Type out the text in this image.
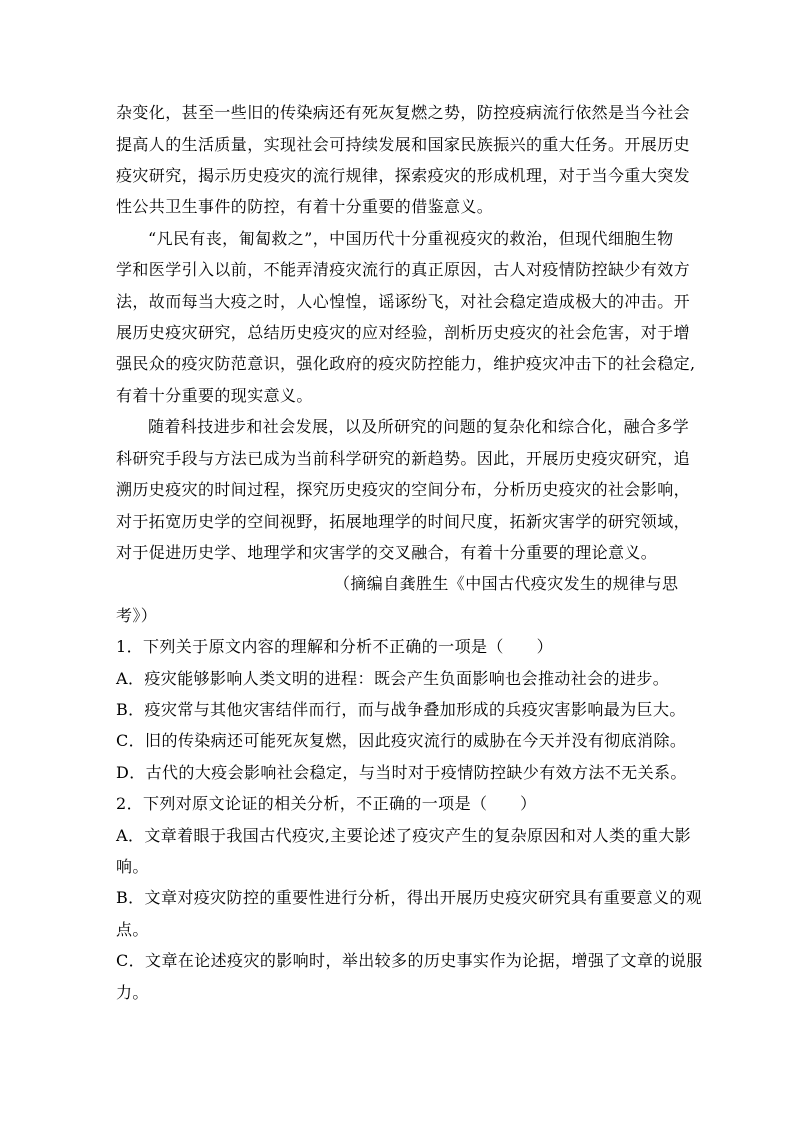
杂变化，甚至一些旧的传染病还有死灰复燃之势，防控疫病流行依然是当今社会
提高人的生活质量，实现社会可持续发展和国家民族振兴的重大任务。开展历史
疫灾研究，揭示历史疫灾的流行规律，探索疫灾的形成机理，对于当今重大突发
性公共卫生事件的防控，有着十分重要的借鉴意义。
“凡民有丧，匍匐救之”，中国历代十分重视疫灾的救治，但现代细胞生物
学和医学引入以前，不能弄清疫灾流行的真正原因，古人对疫情防控缺少有效方
法，故而每当大疫之时，人心惶惶，谣诼纷飞，对社会稳定造成极大的冲击。开
展历史疫灾研究，总结历史疫灾的应对经验，剖析历史疫灾的社会危害，对于增
强民众的疫灾防范意识，强化政府的疫灾防控能力，维护疫灾冲击下的社会稳定,
有着十分重要的现实意义。
随着科技进步和社会发展，以及所研究的问题的复杂化和综合化，融合多学
科研究手段与方法已成为当前科学研究的新趋势。因此，开展历史疫灾研究，追
溯历史疫灾的时间过程，探究历史疫灾的空间分布，分析历史疫灾的社会影响，
对于拓宽历史学的空间视野，拓展地理学的时间尺度，拓新灾害学的研究领域，
对于促进历史学、地理学和灾害学的交叉融合，有着十分重要的理论意义。
（摘编自龚胜生《中国古代疫灾发生的规律与思
考》）
1．下列关于原文内容的理解和分析不正确的一项是（　　）
A．疫灾能够影响人类文明的进程：既会产生负面影响也会推动社会的进步。
B．疫灾常与其他灾害结伴而行，而与战争叠加形成的兵疫灾害影响最为巨大。
C．旧的传染病还可能死灰复燃，因此疫灾流行的威胁在今天并没有彻底消除。
D．古代的大疫会影响社会稳定，与当时对于疫情防控缺少有效方法不无关系。
2．下列对原文论证的相关分析，不正确的一项是（　　）
A．文章着眼于我国古代疫灾,主要论述了疫灾产生的复杂原因和对人类的重大影
响。
B．文章对疫灾防控的重要性进行分析，得出开展历史疫灾研究具有重要意义的观
点。
C．文章在论述疫灾的影响时，举出较多的历史事实作为论据，增强了文章的说服
力。
